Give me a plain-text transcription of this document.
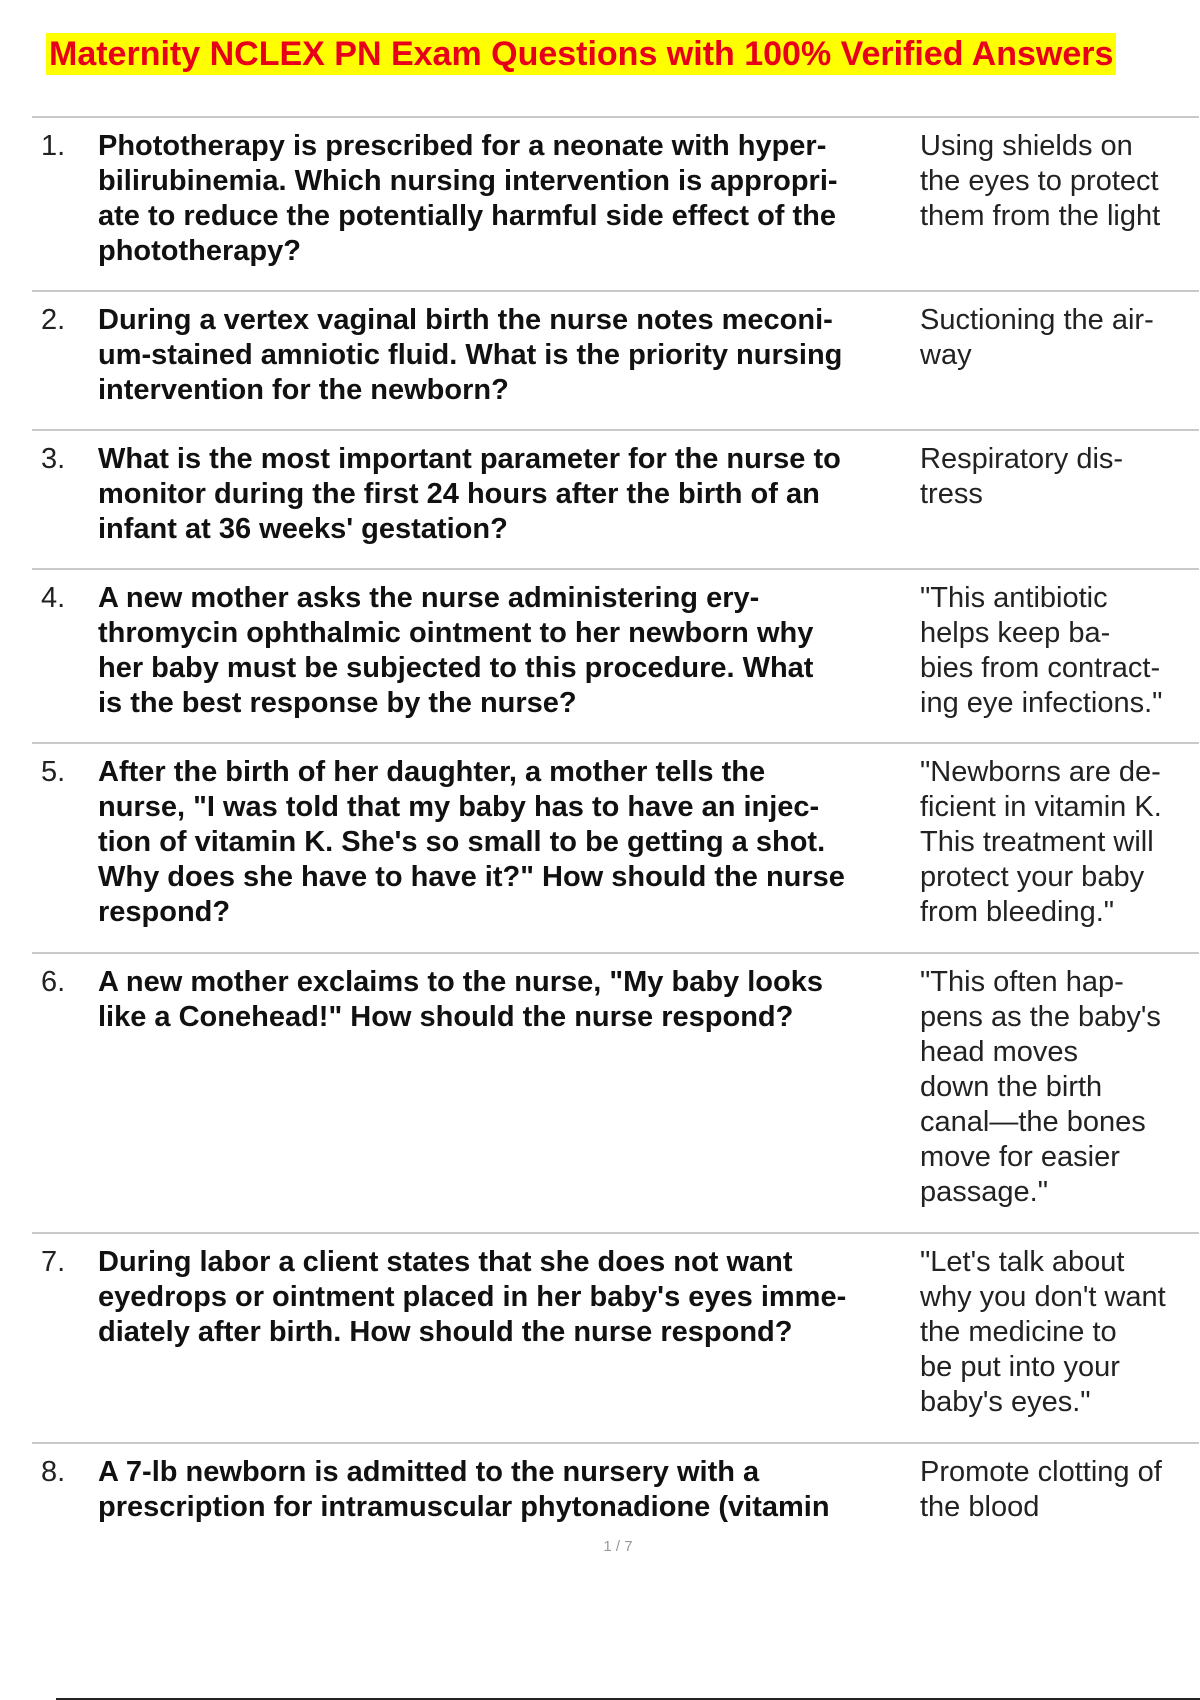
Maternity NCLEX PN Exam Questions with 100% Verified Answers
1. Phototherapy is prescribed for a neonate with hyper-
bilirubinemia. Which nursing intervention is appropri-
ate to reduce the potentially harmful side effect of the
phototherapy?
Using shields on
the eyes to protect
them from the light
2. During a vertex vaginal birth the nurse notes meconi-
um-stained amniotic fluid. What is the priority nursing
intervention for the newborn?
Suctioning the air-
way
3. What is the most important parameter for the nurse to
monitor during the first 24 hours after the birth of an
infant at 36 weeks' gestation?
Respiratory dis-
tress
4. A new mother asks the nurse administering ery-
thromycin ophthalmic ointment to her newborn why
her baby must be subjected to this procedure. What
is the best response by the nurse?
"This antibiotic
helps keep ba-
bies from contract-
ing eye infections."
5. After the birth of her daughter, a mother tells the
nurse, "I was told that my baby has to have an injec-
tion of vitamin K. She's so small to be getting a shot.
Why does she have to have it?" How should the nurse
respond?
"Newborns are de-
ficient in vitamin K.
This treatment will
protect your baby
from bleeding."
6. A new mother exclaims to the nurse, "My baby looks
like a Conehead!" How should the nurse respond?
"This often hap-
pens as the baby's
head moves
down the birth
canal—the bones
move for easier
passage."
7. During labor a client states that she does not want
eyedrops or ointment placed in her baby's eyes imme-
diately after birth. How should the nurse respond?
"Let's talk about
why you don't want
the medicine to
be put into your
baby's eyes."
8. A 7-lb newborn is admitted to the nursery with a
prescription for intramuscular phytonadione (vitamin
Promote clotting of
the blood
1 / 7
